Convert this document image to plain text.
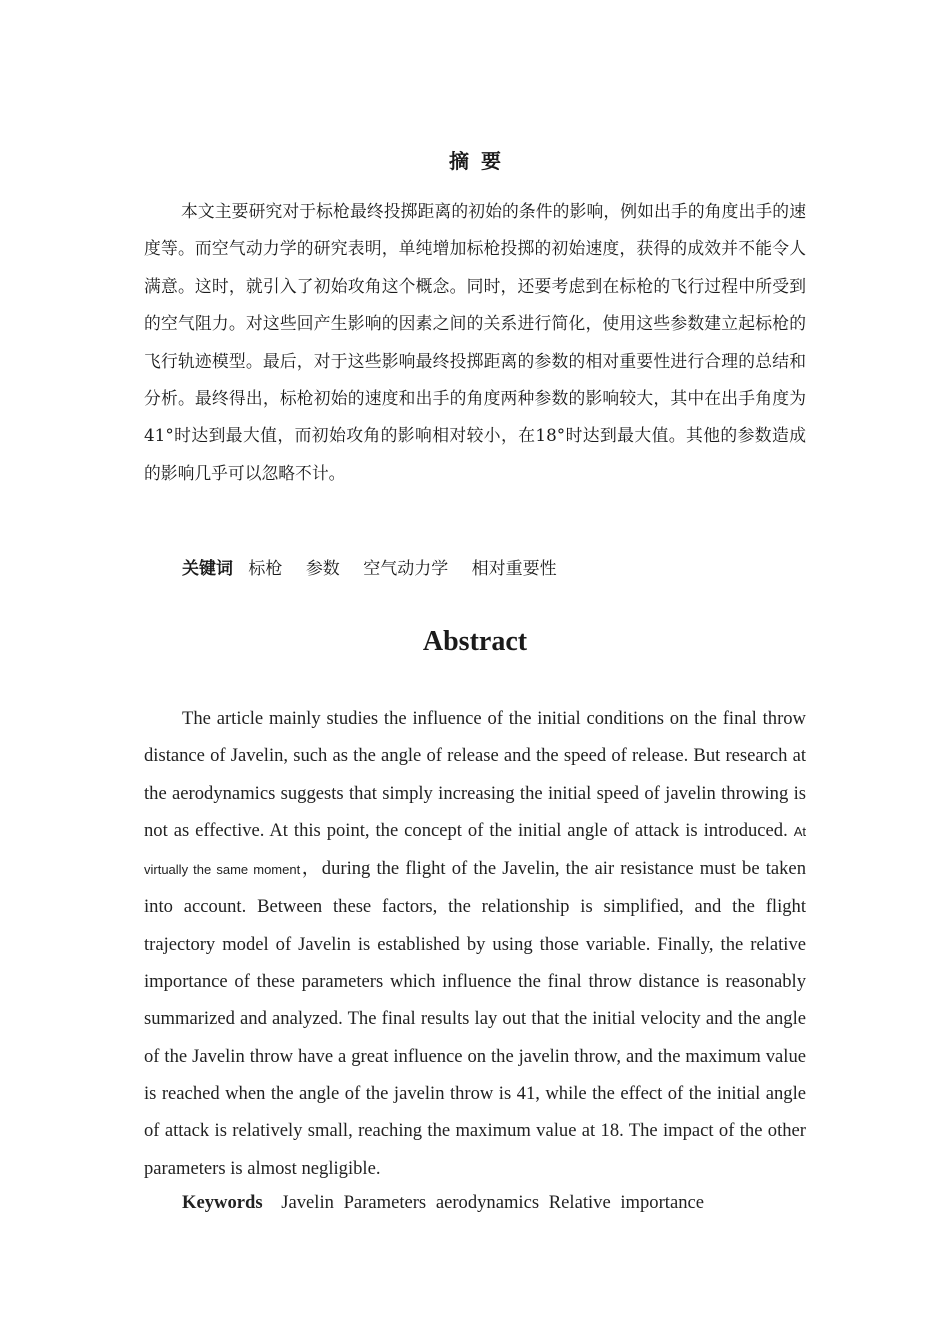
摘要

本文主要研究对于标枪最终投掷距离的初始的条件的影响，例如出手的角度出手的速度等。而空气动力学的研究表明，单纯增加标枪投掷的初始速度，获得的成效并不能令人满意。这时，就引入了初始攻角这个概念。同时，还要考虑到在标枪的飞行过程中所受到的空气阻力。对这些回产生影响的因素之间的关系进行简化，使用这些参数建立起标枪的飞行轨迹模型。最后，对于这些影响最终投掷距离的参数的相对重要性进行合理的总结和分析。最终得出，标枪初始的速度和出手的角度两种参数的影响较大，其中在出手角度为41°时达到最大值，而初始攻角的影响相对较小，在18°时达到最大值。其他的参数造成的影响几乎可以忽略不计。

关键词 标枪 参数 空气动力学 相对重要性
Abstract

The article mainly studies the influence of the initial conditions on the final throw distance of Javelin, such as the angle of release and the speed of release. But research at the aerodynamics suggests that simply increasing the initial speed of javelin throwing is not as effective. At this point, the concept of the initial angle of attack is introduced. At virtually the same moment，during the flight of the Javelin, the air resistance must be taken into account. Between these factors, the relationship is simplified, and the flight trajectory model of Javelin is established by using those variable. Finally, the relative importance of these parameters which influence the final throw distance is reasonably summarized and analyzed. The final results lay out that the initial velocity and the angle of the Javelin throw have a great influence on the javelin throw, and the maximum value is reached when the angle of the javelin throw is 41, while the effect of the initial angle of attack is relatively small, reaching the maximum value at 18. The impact of the other parameters is almost negligible.

Keywords Javelin Parameters aerodynamics Relative importance
